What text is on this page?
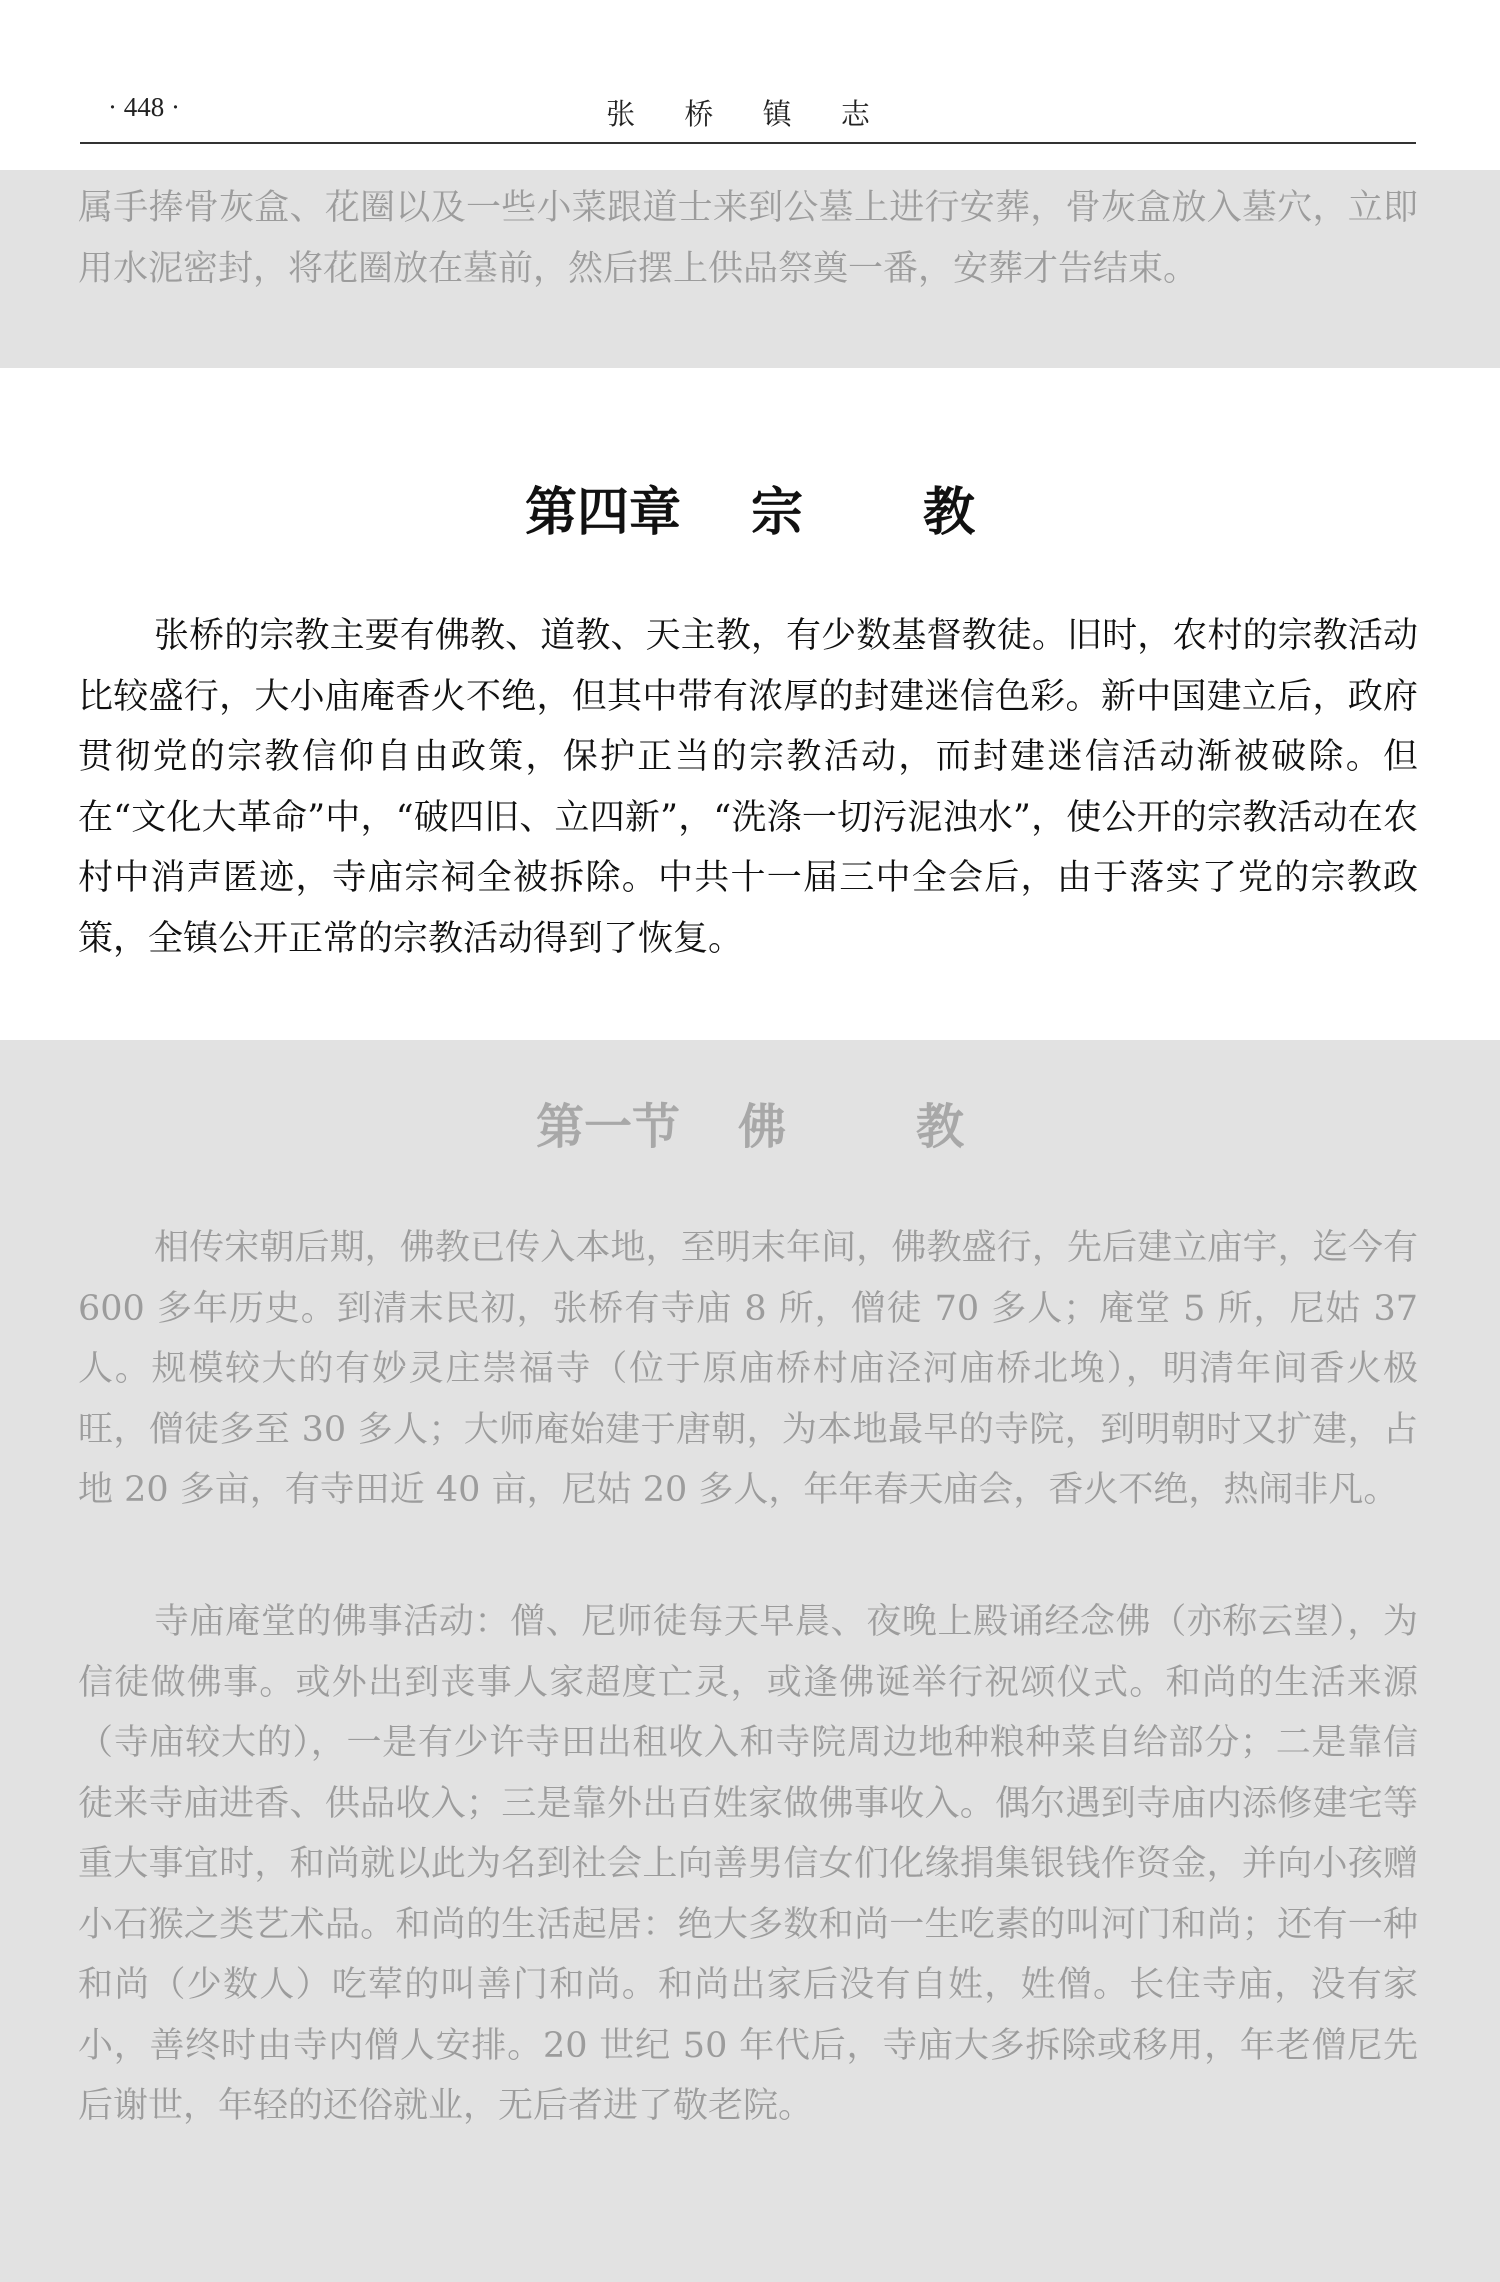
· 448 ·	张 桥 镇 志

属手捧骨灰盒、花圈以及一些小菜跟道士来到公墓上进行安葬，骨灰盒放入墓穴，立即用水泥密封，将花圈放在墓前，然后摆上供品祭奠一番，安葬才告结束。

第四章 宗 教

张桥的宗教主要有佛教、道教、天主教，有少数基督教徒。旧时，农村的宗教活动比较盛行，大小庙庵香火不绝，但其中带有浓厚的封建迷信色彩。新中国建立后，政府贯彻党的宗教信仰自由政策，保护正当的宗教活动，而封建迷信活动渐被破除。但在“文化大革命”中，“破四旧、立四新”，“洗涤一切污泥浊水”，使公开的宗教活动在农村中消声匿迹，寺庙宗祠全被拆除。中共十一届三中全会后，由于落实了党的宗教政策，全镇公开正常的宗教活动得到了恢复。

第一节 佛	教

相传宋朝后期，佛教已传入本地，至明末年间，佛教盛行，先后建立庙宇，迄今有 600 多年历史。到清末民初，张桥有寺庙 8 所，僧徒 70 多人；庵堂 5 所，尼姑 37 人。规模较大的有妙灵庄崇福寺（位于原庙桥村庙泾河庙桥北堍），明清年间香火极旺，僧徒多至 30 多人；大师庵始建于唐朝，为本地最早的寺院，到明朝时又扩建，占地 20 多亩，有寺田近 40 亩，尼姑 20 多人，年年春天庙会，香火不绝，热闹非凡。

寺庙庵堂的佛事活动：僧、尼师徒每天早晨、夜晚上殿诵经念佛（亦称云望），为信徒做佛事。或外出到丧事人家超度亡灵，或逢佛诞举行祝颂仪式。和尚的生活来源（寺庙较大的），一是有少许寺田出租收入和寺院周边地种粮种菜自给部分；二是靠信徒来寺庙进香、供品收入；三是靠外出百姓家做佛事收入。偶尔遇到寺庙内添修建宅等重大事宜时，和尚就以此为名到社会上向善男信女们化缘捐集银钱作资金，并向小孩赠小石猴之类艺术品。和尚的生活起居：绝大多数和尚一生吃素的叫河门和尚；还有一种和尚（少数人）吃荤的叫善门和尚。和尚出家后没有自姓，姓僧。长住寺庙，没有家小，善终时由寺内僧人安排。20 世纪 50 年代后，寺庙大多拆除或移用，年老僧尼先后谢世，年轻的还俗就业，无后者进了敬老院。
